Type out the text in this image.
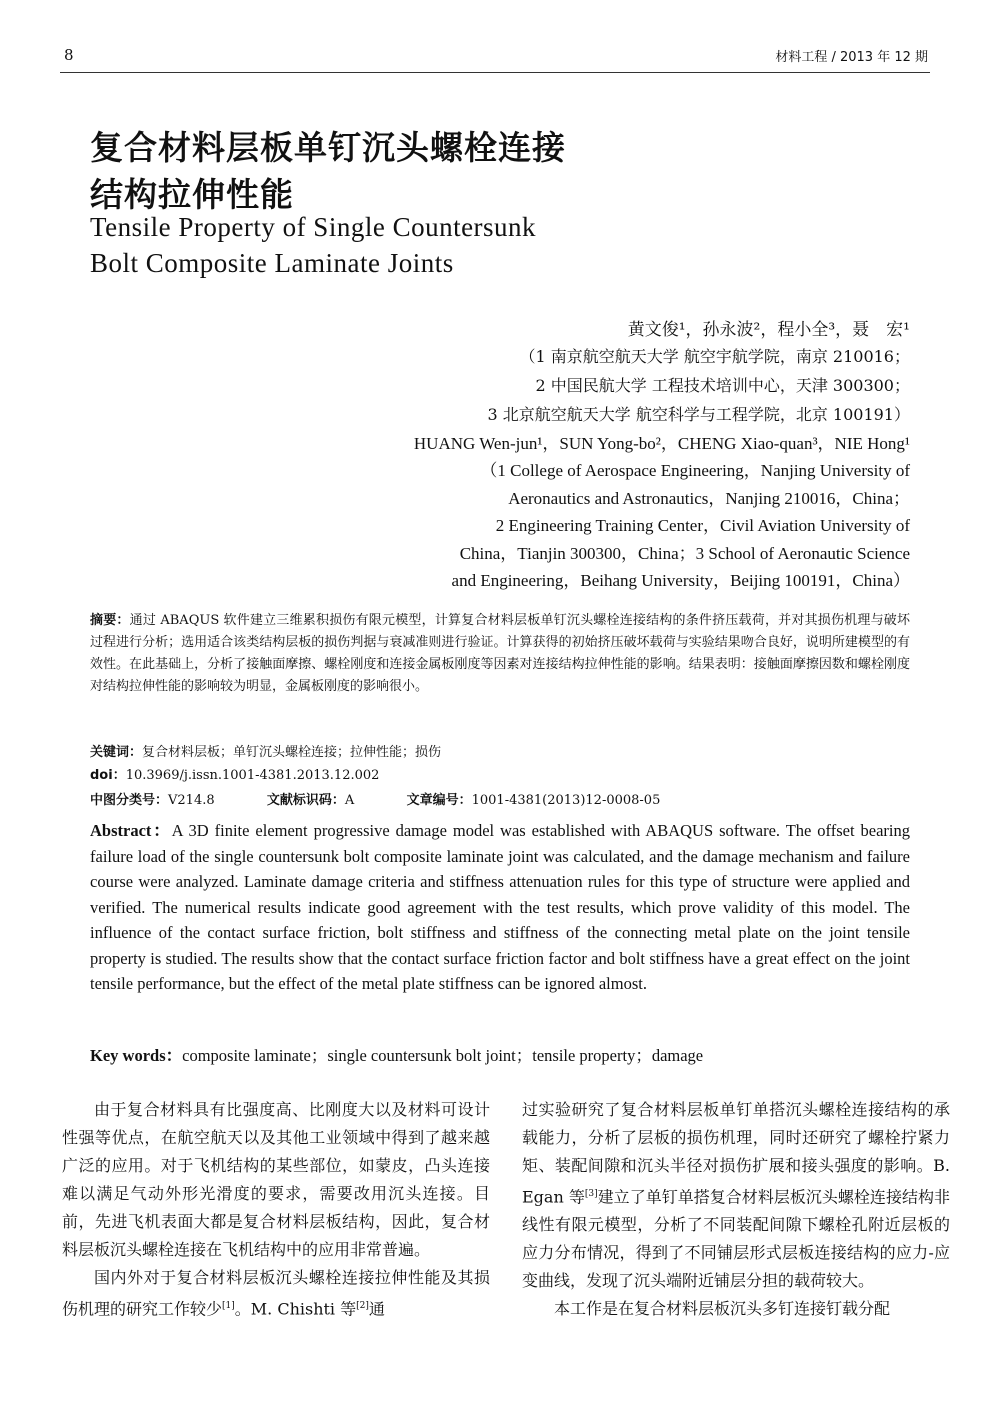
8	材料工程 / 2013 年 12 期
复合材料层板单钉沉头螺栓连接
结构拉伸性能
Tensile Property of Single Countersunk
Bolt Composite Laminate Joints
黄文俊¹，孙永波²，程小全³，聂　宏¹
（1 南京航空航天大学 航空宇航学院，南京 210016；
2 中国民航大学 工程技术培训中心，天津 300300；
3 北京航空航天大学 航空科学与工程学院，北京 100191）
HUANG Wen-jun¹，SUN Yong-bo²，CHENG Xiao-quan³，NIE Hong¹
（1 College of Aerospace Engineering，Nanjing University of
Aeronautics and Astronautics，Nanjing 210016，China；
2 Engineering Training Center，Civil Aviation University of
China，Tianjin 300300，China；3 School of Aeronautic Science
and Engineering，Beihang University，Beijing 100191，China）
摘要：通过 ABAQUS 软件建立三维累积损伤有限元模型，计算复合材料层板单钉沉头螺栓连接结构的条件挤压载荷，并对其损伤机理与破坏过程进行分析；选用适合该类结构层板的损伤判据与衰减准则进行验证。计算获得的初始挤压破坏载荷与实验结果吻合良好，说明所建模型的有效性。在此基础上，分析了接触面摩擦、螺栓刚度和连接金属板刚度等因素对连接结构拉伸性能的影响。结果表明：接触面摩擦因数和螺栓刚度对结构拉伸性能的影响较为明显，金属板刚度的影响很小。
关键词：复合材料层板；单钉沉头螺栓连接；拉伸性能；损伤
doi：10.3969/j.issn.1001-4381.2013.12.002
中图分类号：V214.8	文献标识码：A	文章编号：1001-4381(2013)12-0008-05
Abstract：A 3D finite element progressive damage model was established with ABAQUS software. The offset bearing failure load of the single countersunk bolt composite laminate joint was calculated, and the damage mechanism and failure course were analyzed. Laminate damage criteria and stiffness attenuation rules for this type of structure were applied and verified. The numerical results indicate good agreement with the test results, which prove validity of this model. The influence of the contact surface friction, bolt stiffness and stiffness of the connecting metal plate on the joint tensile property is studied. The results show that the contact surface friction factor and bolt stiffness have a great effect on the joint tensile performance, but the effect of the metal plate stiffness can be ignored almost.
Key words：composite laminate；single countersunk bolt joint；tensile property；damage

由于复合材料具有比强度高、比刚度大以及材料可设计性强等优点，在航空航天以及其他工业领域中得到了越来越广泛的应用。对于飞机结构的某些部位，如蒙皮，凸头连接难以满足气动外形光滑度的要求，需要改用沉头连接。目前，先进飞机表面大都是复合材料层板结构，因此，复合材料层板沉头螺栓连接在飞机结构中的应用非常普遍。

国内外对于复合材料层板沉头螺栓连接拉伸性能及其损伤机理的研究工作较少[1]。M. Chishti 等[2]通

过实验研究了复合材料层板单钉单搭沉头螺栓连接结构的承载能力，分析了层板的损伤机理，同时还研究了螺栓拧紧力矩、装配间隙和沉头半径对损伤扩展和接头强度的影响。B. Egan 等[3]建立了单钉单搭复合材料层板沉头螺栓连接结构非线性有限元模型，分析了不同装配间隙下螺栓孔附近层板的应力分布情况，得到了不同铺层形式层板连接结构的应力-应变曲线，发现了沉头端附近铺层分担的载荷较大。

本工作是在复合材料层板沉头多钉连接钉载分配
